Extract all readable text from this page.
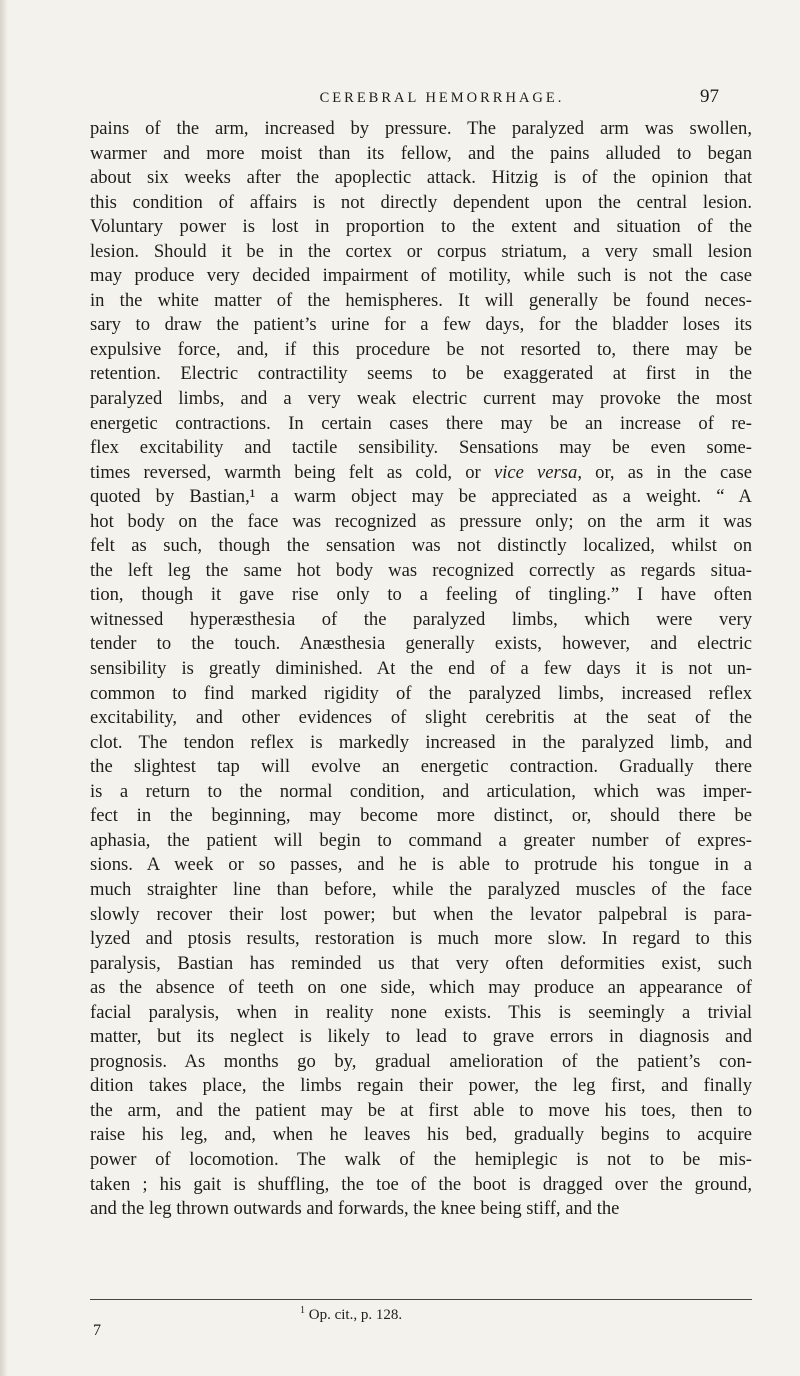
CEREBRAL HEMORRHAGE.	97
pains of the arm, increased by pressure. The paralyzed arm was swollen,
warmer and more moist than its fellow, and the pains alluded to began
about six weeks after the apoplectic attack. Hitzig is of the opinion that
this condition of affairs is not directly dependent upon the central lesion.
Voluntary power is lost in proportion to the extent and situation of the
lesion. Should it be in the cortex or corpus striatum, a very small lesion
may produce very decided impairment of motility, while such is not the case
in the white matter of the hemispheres. It will generally be found neces-
sary to draw the patient’s urine for a few days, for the bladder loses its
expulsive force, and, if this procedure be not resorted to, there may be
retention. Electric contractility seems to be exaggerated at first in the
paralyzed limbs, and a very weak electric current may provoke the most
energetic contractions. In certain cases there may be an increase of re-
flex excitability and tactile sensibility. Sensations may be even some-
times reversed, warmth being felt as cold, or vice versa, or, as in the case
quoted by Bastian,¹ a warm object may be appreciated as a weight. “ A
hot body on the face was recognized as pressure only; on the arm it was
felt as such, though the sensation was not distinctly localized, whilst on
the left leg the same hot body was recognized correctly as regards situa-
tion, though it gave rise only to a feeling of tingling.” I have often
witnessed hyperæsthesia of the paralyzed limbs, which were very
tender to the touch. Anæsthesia generally exists, however, and electric
sensibility is greatly diminished. At the end of a few days it is not un-
common to find marked rigidity of the paralyzed limbs, increased reflex
excitability, and other evidences of slight cerebritis at the seat of the
clot. The tendon reflex is markedly increased in the paralyzed limb, and
the slightest tap will evolve an energetic contraction. Gradually there
is a return to the normal condition, and articulation, which was imper-
fect in the beginning, may become more distinct, or, should there be
aphasia, the patient will begin to command a greater number of expres-
sions. A week or so passes, and he is able to protrude his tongue in a
much straighter line than before, while the paralyzed muscles of the face
slowly recover their lost power; but when the levator palpebral is para-
lyzed and ptosis results, restoration is much more slow. In regard to this
paralysis, Bastian has reminded us that very often deformities exist, such
as the absence of teeth on one side, which may produce an appearance of
facial paralysis, when in reality none exists. This is seemingly a trivial
matter, but its neglect is likely to lead to grave errors in diagnosis and
prognosis. As months go by, gradual amelioration of the patient’s con-
dition takes place, the limbs regain their power, the leg first, and finally
the arm, and the patient may be at first able to move his toes, then to
raise his leg, and, when he leaves his bed, gradually begins to acquire
power of locomotion. The walk of the hemiplegic is not to be mis-
taken ; his gait is shuffling, the toe of the boot is dragged over the ground,
and the leg thrown outwards and forwards, the knee being stiff, and the
$^1$ Op. cit., p. 128.
7
